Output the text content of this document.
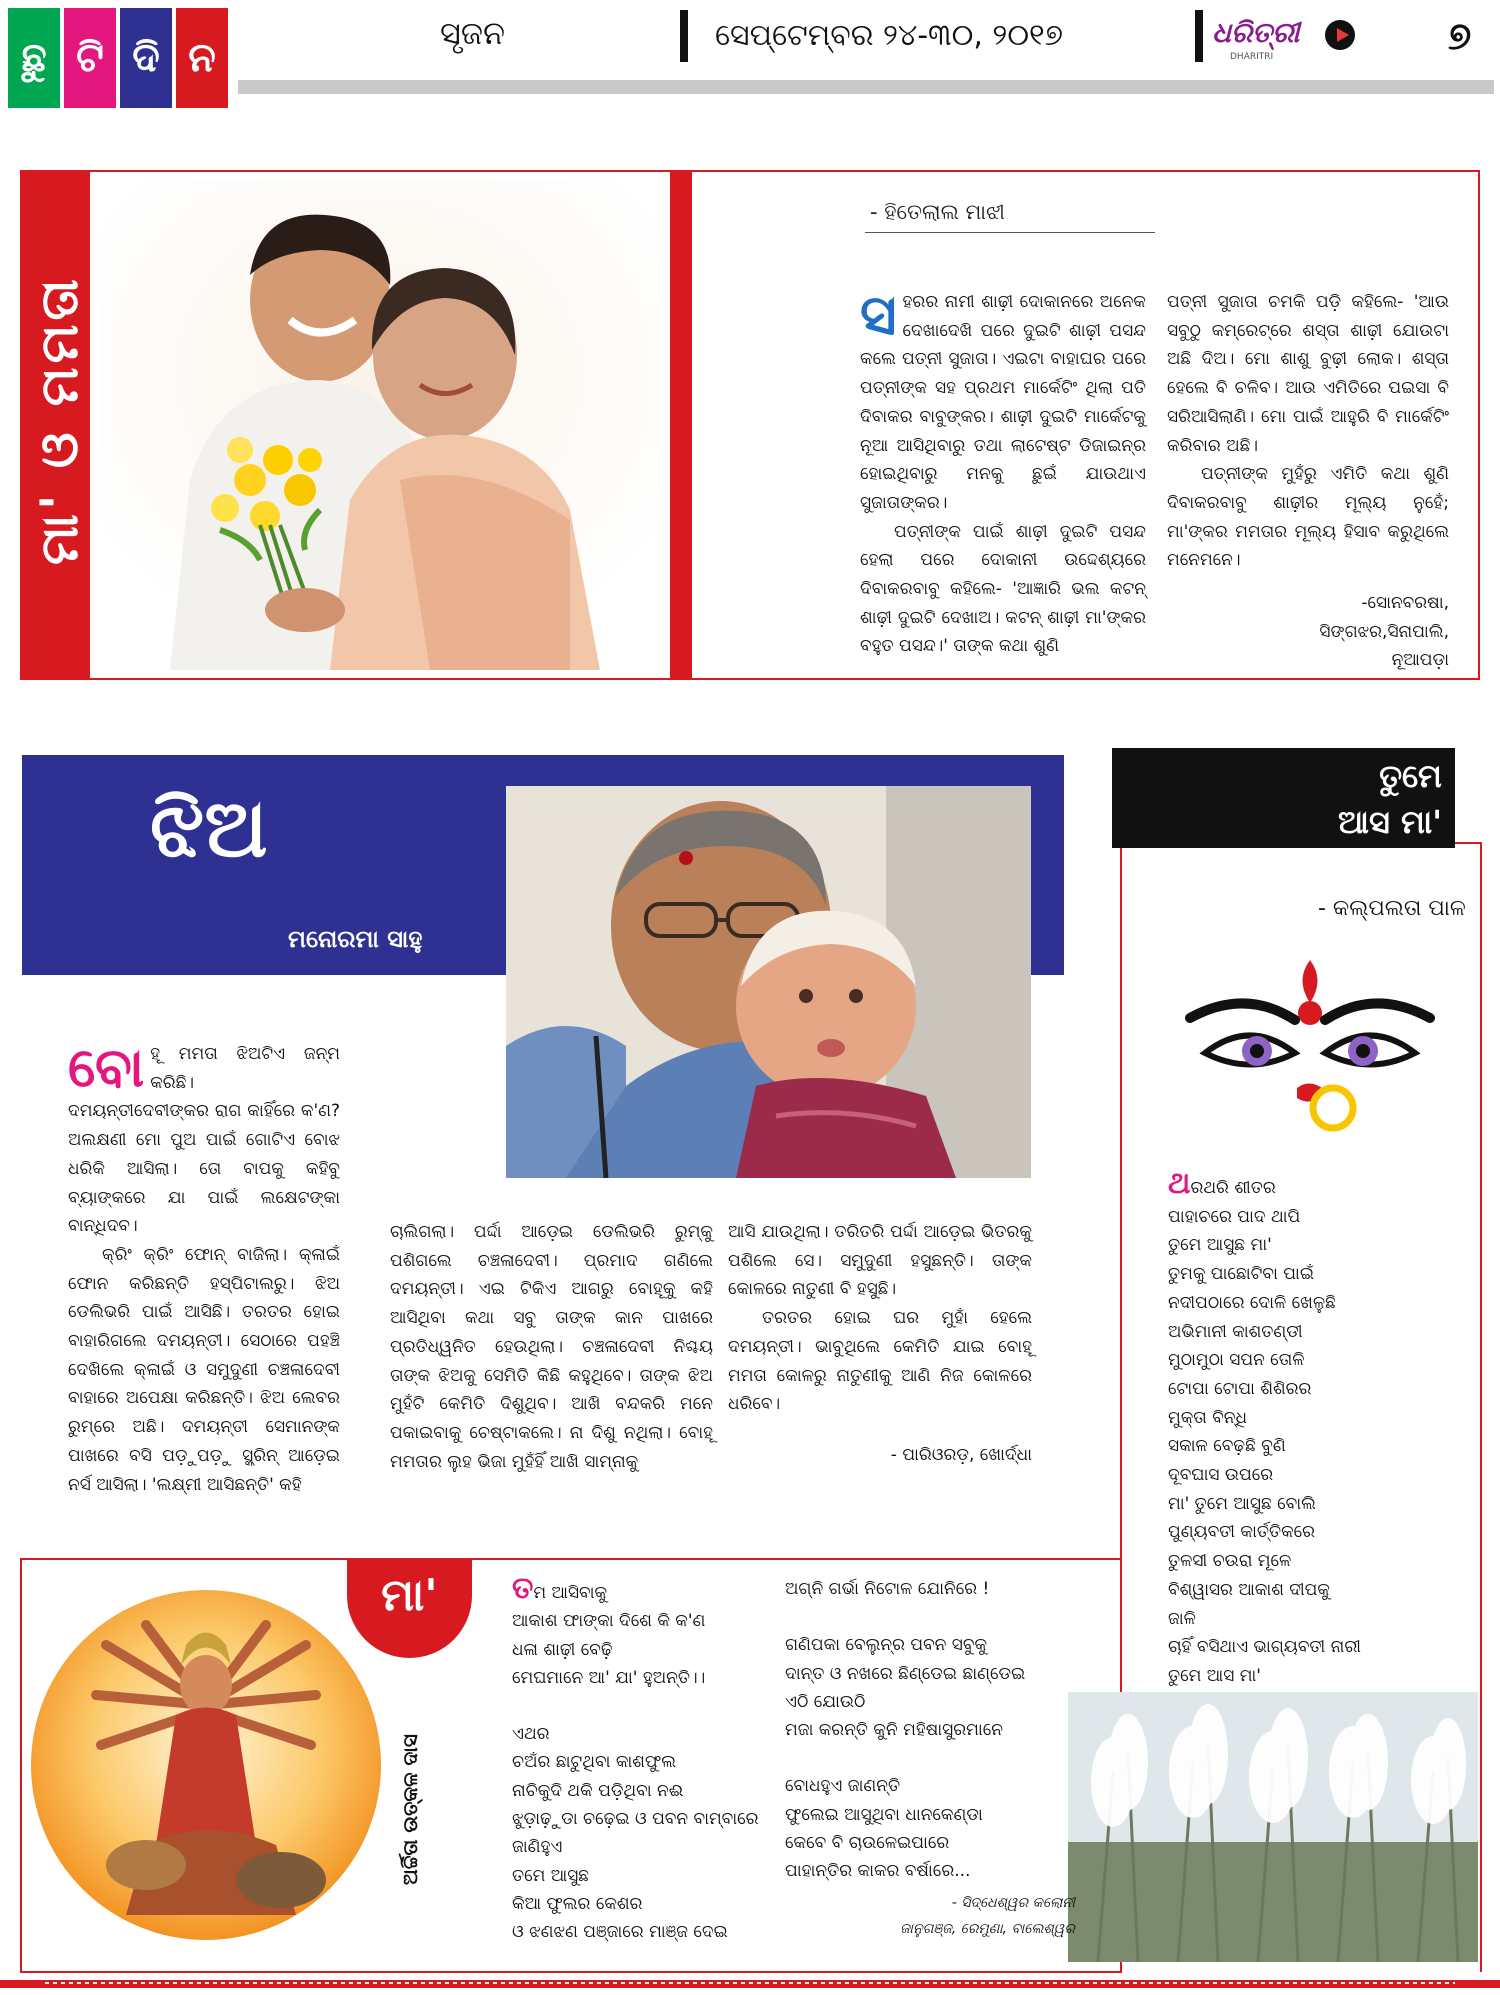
ଛୁ ଟି ଦି ନ
ସୃଜନ	ସେପ୍ଟେମ୍ବର ୨୪-୩୦, ୨୦୧୭	ଧରିତ୍ରୀ
DHARITRI	୭
ମା' ଓ ମମତା
- ହିତେଲାଲ ମାଝୀ
ସ ହରର ନାମୀ ଶାଢ଼ୀ ଦୋକାନରେ ଅନେକ ଦେଖାଦେଖି ପରେ ଦୁଇଟି ଶାଢ଼ୀ ପସନ୍ଦ କଲେ ପତ୍ନୀ ସୁଜାତା। ଏଇଟା ବାହାଘର ପରେ ପତ୍ନୀଙ୍କ ସହ ପ୍ରଥମ ମାର୍କେଟିଂ ଥିଲା ପତି ଦିବାକର ବାବୁଙ୍କର। ଶାଢ଼ୀ ଦୁଇଟି ମାର୍କେଟକୁ ନୂଆ ଆସିଥିବାରୁ ତଥା ଲାଟେଷ୍ଟ ଡିଜାଇନ୍ର ହୋଇଥିବାରୁ ମନକୁ ଛୁଇଁ ଯାଉଥାଏ ସୁଜାତାଙ୍କର।

ପତ୍ନୀଙ୍କ ପାଇଁ ଶାଢ଼ୀ ଦୁଇଟି ପସନ୍ଦ ହେଲା ପରେ ଦୋକାନୀ ଉଦ୍ଦେଶ୍ୟରେ ଦିବାକରବାବୁ କହିଲେ- 'ଆଜ୍ଞାରି ଭଲ କଟନ୍ ଶାଢ଼ୀ ଦୁଇଟି ଦେଖାଅ। କଟନ୍ ଶାଢ଼ୀ ମା'ଙ୍କର ବହୁତ ପସନ୍ଦ।' ତାଙ୍କ କଥା ଶୁଣି

ପତ୍ନୀ ସୁଜାତା ଚମକି ପଡ଼ି କହିଲେ- 'ଆଉ ସବୁଠୁ କମ୍ରେଟ୍ରେ ଶସ୍ତା ଶାଢ଼ୀ ଯୋଉଟା ଅଛି ଦିଅ। ମୋ ଶାଶୁ ବୁଢ଼ୀ ଲୋକ। ଶସ୍ତା ହେଲେ ବି ଚଳିବ। ଆଉ ଏମିତିରେ ପଇସା ବି ସରିଆସିଲାଣି। ମୋ ପାଇଁ ଆହୁରି ବି ମାର୍କେଟିଂ କରିବାର ଅଛି।

ପତ୍ନୀଙ୍କ ମୁହଁରୁ ଏମିତି କଥା ଶୁଣି ଦିବାକରବାବୁ ଶାଢ଼ୀର ମୂଲ୍ୟ ନୁହେଁ; ମା'ଙ୍କର ମମତାର ମୂଲ୍ୟ ହିସାବ କରୁଥିଲେ ମନେମନେ।

-ସୋନବରଷା,
ସିଙ୍ଗଝର,ସିନାପାଲି,
ନୂଆପଡ଼ା
ଝିଅ
ମନୋରମା ସାହୁ
ବୋ ହୂ ମମତା ଝିଅଟିଏ ଜନ୍ମ କରିଛି। ଦମୟନ୍ତୀଦେବୀଙ୍କର ରାଗ କାହିଁରେ କ'ଣ? ଅଲକ୍ଷଣୀ ମୋ ପୁଅ ପାଇଁ ଗୋଟିଏ ବୋଝ ଧରିକି ଆସିଲା। ତୋ ବାପକୁ କହିବୁ ବ୍ୟାଙ୍କରେ ଯା ପାଇଁ ଲକ୍ଷେଟଙ୍କା ବାନ୍ଧିଦବ।

କ୍ରିଂ କ୍ରିଂ ଫୋନ୍ ବାଜିଲା। କ୍ଳାଇଁ ଫୋନ କରିଛନ୍ତି ହସ୍ପିଟାଲରୁ। ଝିଅ ଡେଲିଭରି ପାଇଁ ଆସିଛି। ତରତର ହୋଇ ବାହାରିଗଲେ ଦମୟନ୍ତୀ। ସେଠାରେ ପହଞ୍ଚି ଦେଖିଲେ କ୍ଳାଇଁ ଓ ସମୁଦୁଣୀ ଚଞ୍ଚଳାଦେବୀ ବାହାରେ ଅପେକ୍ଷା କରିଛନ୍ତି। ଝିଅ ଲେବର ରୁମ୍ରେ ଅଛି। ଦମୟନ୍ତୀ ସେମାନଙ୍କ ପାଖରେ ବସି ପଡ଼ୁପଡ଼ୁ ସ୍କ୍ରିନ୍ ଆଡ଼େଇ ନର୍ସ ଆସିଲା। 'ଲକ୍ଷ୍ମୀ ଆସିଛନ୍ତି' କହି

ଚାଲିଗଲା। ପର୍ଦ୍ଦା ଆଡ଼େଇ ଡେଲିଭରି ରୁମ୍କୁ ପଶିଗଲେ ଚଞ୍ଚଳାଦେବୀ। ପ୍ରମାଦ ଗଣିଲେ ଦମୟନ୍ତୀ। ଏଇ ଟିକିଏ ଆଗରୁ ବୋହୂକୁ କହି ଆସିଥିବା କଥା ସବୁ ତାଙ୍କ କାନ ପାଖରେ ପ୍ରତିଧ୍ୱନିତ ହେଉଥିଲା। ଚଞ୍ଚଳାଦେବୀ ନିଶ୍ଚୟ ତାଙ୍କ ଝିଅକୁ ସେମିତି କିଛି କହୁଥିବେ। ତାଙ୍କ ଝିଅ ମୁହଁଟି କେମିତି ଦିଶୁଥିବ। ଆଖି ବନ୍ଦକରି ମନେ ପକାଇବାକୁ ଚେଷ୍ଟାକଲେ। ନା ଦିଶୁ ନଥିଲା। ବୋହୂ ମମତାର ଲୁହ ଭିଜା ମୁହଁହିଁ ଆଖି ସାମ୍ନାକୁ

ଆସି ଯାଉଥିଲା। ତରିତରି ପର୍ଦ୍ଦା ଆଡ଼େଇ ଭିତରକୁ ପଶିଲେ ସେ। ସମୁଦୁଣୀ ହସୁଛନ୍ତି। ତାଙ୍କ କୋଳରେ ନାତୁଣୀ ବି ହସୁଛି।

ତରତର ହୋଇ ଘର ମୁହାଁ ହେଲେ ଦମୟନ୍ତୀ। ଭାବୁଥିଲେ କେମିତି ଯାଇ ବୋହୂ ମମତା କୋଳରୁ ନାତୁଣୀକୁ ଆଣି ନିଜ କୋଳରେ ଧରିବେ।

- ପାରିଓରଡ଼, ଖୋର୍ଦ୍ଧା
ତୁମେ
ଆସ ମା'
- କଲ୍ପଲତା ପାଳ
ଥରଥରି ଶୀତର
ପାହାଚରେ ପାଦ ଥାପି
ତୁମେ ଆସୁଛ ମା'
ତୁମକୁ ପାଛୋଟିବା ପାଇଁ
ନଦୀପଠାରେ ଦୋଳି ଖେଳୁଛି
ଅଭିମାନୀ କାଶତଣ୍ଡୀ
ମୁଠାମୁଠା ସପନ ତୋଳି
ଟୋପା ଟୋପା ଶିଶିରର
ମୁକ୍ତା ବିନ୍ଧି
ସକାଳ ବେଢ଼ଛି ବୁଣି
ଦୂବଘାସ ଉପରେ
ମା' ତୁମେ ଆସୁଛ ବୋଲି
ପୁଣ୍ୟବତୀ କାର୍ତ୍ତିକରେ
ତୁଳସୀ ଚଉରା ମୂଳେ
ବିଶ୍ୱାସର ଆକାଶ ଦୀପକୁ
ଜାଳି
ଚାହିଁ ବସିଥାଏ ଭାଗ୍ୟବତୀ ନାରୀ
ତୁମେ ଆସ ମା'
ମା'
ଅର୍ଚ୍ଚିତା ଉତ୍କଳ ଦାସ
ତମ ଆସିବାକୁ
ଆକାଶ ଫାଙ୍କା ଦିଶେ କି କ'ଣ
ଧଳା ଶାଢ଼ୀ ବେଢ଼ି
ମେଘମାନେ ଆ' ଯା' ହୁଅନ୍ତି।।
ଏଥର
ଚଅଁର ଛାଟୁଥିବା କାଶଫୁଲ
ନାଚିକୁଦି ଥକି ପଡ଼ିଥିବା ନଈ
ଝୁଡ଼ାଢ଼ୁଡା ଚଢ଼େଇ ଓ ପବନ ବାମ୍ବାରେ
ଜାଣିହୁଏ
ତମେ ଆସୁଛ
କିଆ ଫୁଲର କେଶର
ଓ ଝଣଝଣ ପଞ୍ଜାରେ ମାଞ୍ଜ ଦେଇ
ଅଗ୍ନି ଗର୍ଭା ନିଟୋଳ ଯୋନିରେ !
ଗଣିପକା ବେଲୁନ୍ର ପବନ ସବୁକୁ
ଦାନ୍ତ ଓ ନଖରେ ଛିଣ୍ଡେଇ ଛାଣ୍ଡେଇ
ଏଠି ଯୋଉଠି
ମଜା କରନ୍ତି କୁନି ମହିଷାସୁରମାନେ
ବୋଧହୁଏ ଜାଣନ୍ତି
ଫୁଲେଇ ଆସୁଥିବା ଧାନକେଣ୍ଡା
କେବେ ବି ଚାଉଳେଇପାରେ
ପାହାନ୍ତିର କାକର ବର୍ଷାରେ...
- ସିଦ୍ଧେଶ୍ୱର କଲୋନୀ
ଜାନୁଗଞ୍ଜ, ରେମୁଣା, ବାଲେଶ୍ୱର
